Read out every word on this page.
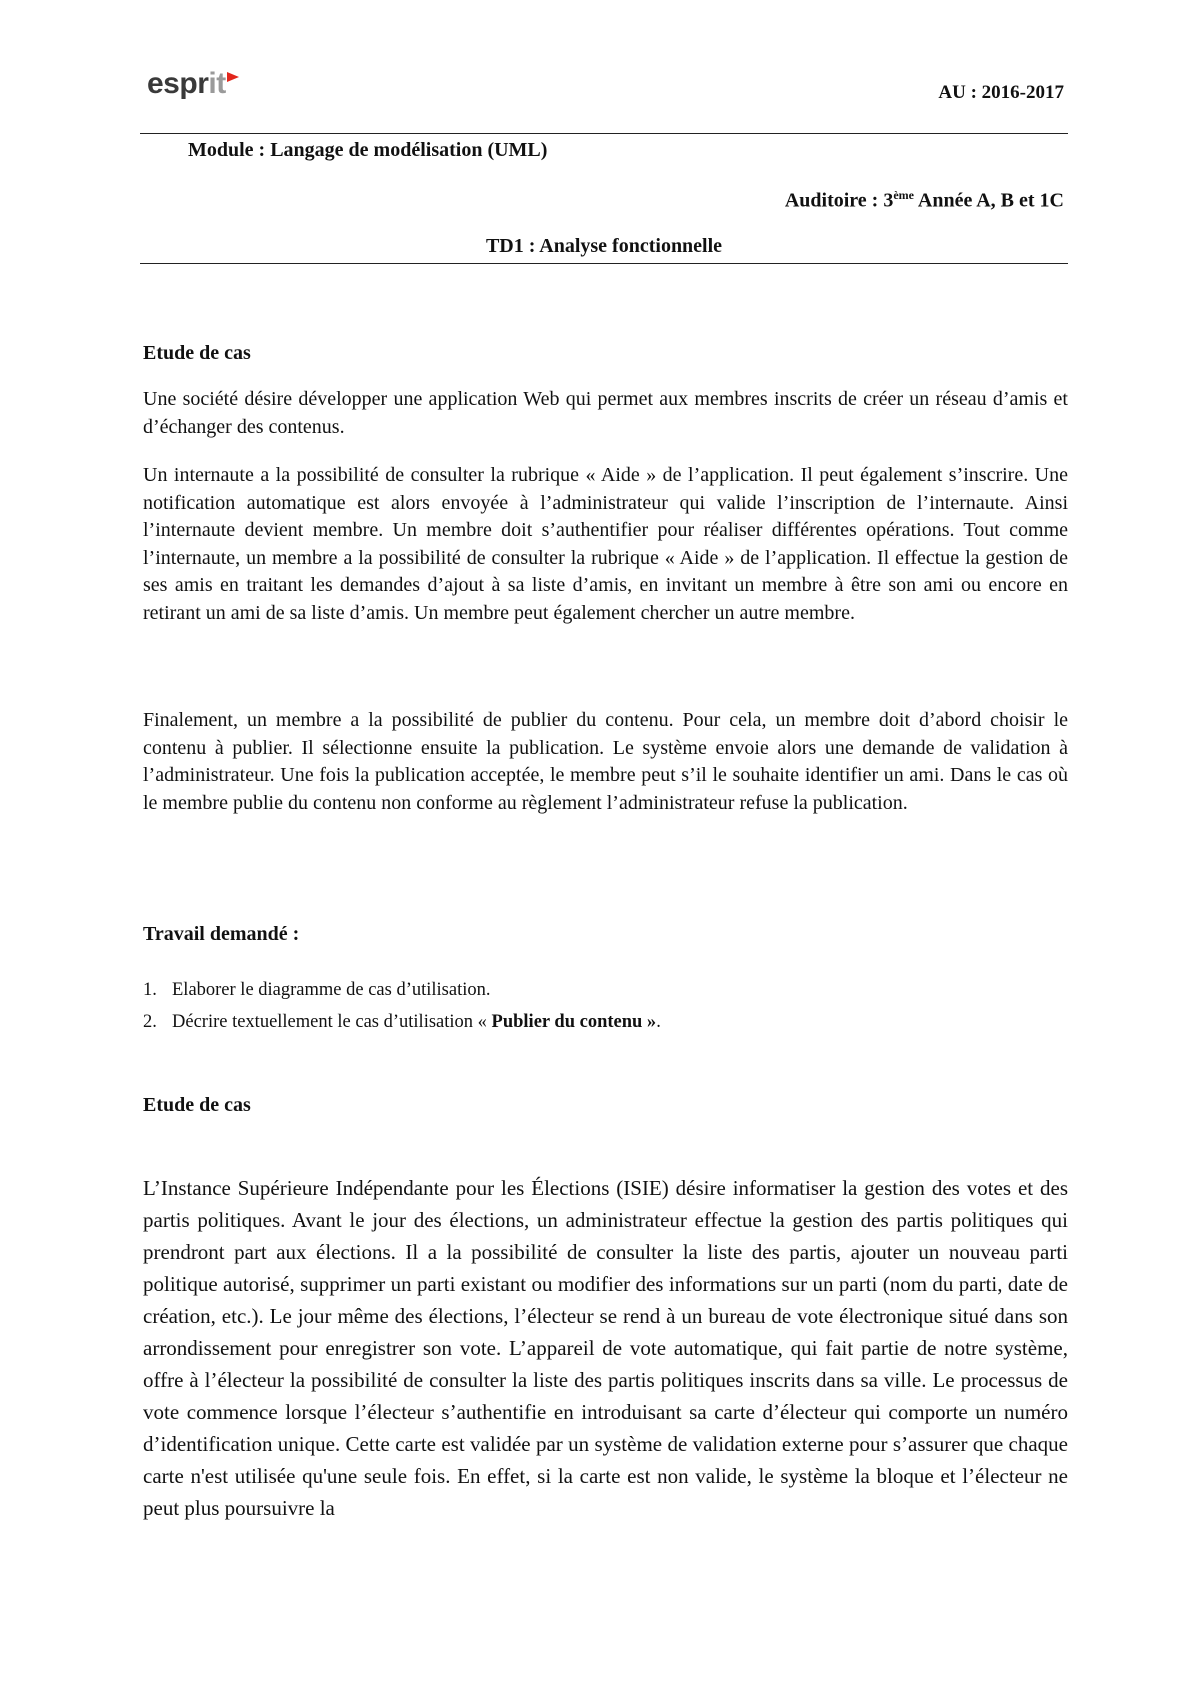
espr it	AU : 2016-2017
Module : Langage de modélisation (UML)
Auditoire : 3ème Année A, B et 1C
TD1 : Analyse fonctionnelle
Etude de cas

Une société désire développer une application Web qui permet aux membres inscrits de créer un réseau d’amis et d’échanger des contenus.

Un internaute a la possibilité de consulter la rubrique « Aide » de l’application. Il peut également s’inscrire. Une notification automatique est alors envoyée à l’administrateur qui valide l’inscription de l’internaute. Ainsi l’internaute devient membre. Un membre doit s’authentifier pour réaliser différentes opérations. Tout comme l’internaute, un membre a la possibilité de consulter la rubrique « Aide » de l’application. Il effectue la gestion de ses amis en traitant les demandes d’ajout à sa liste d’amis, en invitant un membre à être son ami ou encore en retirant un ami de sa liste d’amis. Un membre peut également chercher un autre membre.

Finalement, un membre a la possibilité de publier du contenu. Pour cela, un membre doit d’abord choisir le contenu à publier. Il sélectionne ensuite la publication. Le système envoie alors une demande de validation à l’administrateur. Une fois la publication acceptée, le membre peut s’il le souhaite identifier un ami. Dans le cas où le membre publie du contenu non conforme au règlement l’administrateur refuse la publication.

Travail demandé :
1. Elaborer le diagramme de cas d’utilisation.
2. Décrire textuellement le cas d’utilisation « Publier du contenu ».
Etude de cas

L’Instance Supérieure Indépendante pour les Élections (ISIE) désire informatiser la gestion des votes et des partis politiques. Avant le jour des élections, un administrateur effectue la gestion des partis politiques qui prendront part aux élections. Il a la possibilité de consulter la liste des partis, ajouter un nouveau parti politique autorisé, supprimer un parti existant ou modifier des informations sur un parti (nom du parti, date de création, etc.). Le jour même des élections, l’électeur se rend à un bureau de vote électronique situé dans son arrondissement pour enregistrer son vote. L’appareil de vote automatique, qui fait partie de notre système, offre à l’électeur la possibilité de consulter la liste des partis politiques inscrits dans sa ville. Le processus de vote commence lorsque l’électeur s’authentifie en introduisant sa carte d’électeur qui comporte un numéro d’identification unique. Cette carte est validée par un système de validation externe pour s’assurer que chaque carte n'est utilisée qu'une seule fois. En effet, si la carte est non valide, le système la bloque et l’électeur ne peut plus poursuivre la
